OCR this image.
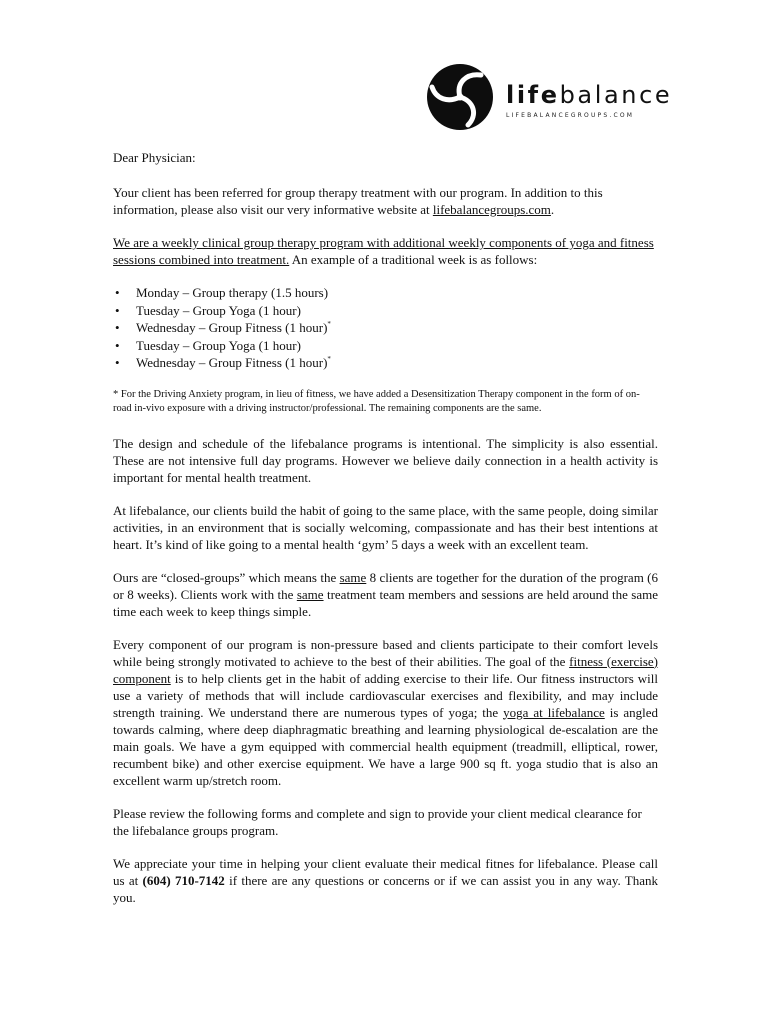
lifebalance
LIFEBALANCEGROUPS.COM

Dear Physician:

Your client has been referred for group therapy treatment with our program. In addition to this information, please also visit our very informative website at lifebalancegroups.com.

We are a weekly clinical group therapy program with additional weekly components of yoga and fitness sessions combined into treatment. An example of a traditional week is as follows:

• Monday – Group therapy (1.5 hours)
• Tuesday – Group Yoga (1 hour)
• Wednesday – Group Fitness (1 hour)*
• Tuesday – Group Yoga (1 hour)
• Wednesday – Group Fitness (1 hour)*

* For the Driving Anxiety program, in lieu of fitness, we have added a Desensitization Therapy component in the form of on-road in-vivo exposure with a driving instructor/professional. The remaining components are the same.

The design and schedule of the lifebalance programs is intentional. The simplicity is also essential. These are not intensive full day programs. However we believe daily connection in a health activity is important for mental health treatment.

At lifebalance, our clients build the habit of going to the same place, with the same people, doing similar activities, in an environment that is socially welcoming, compassionate and has their best intentions at heart. It’s kind of like going to a mental health ‘gym’ 5 days a week with an excellent team.

Ours are “closed-groups” which means the same 8 clients are together for the duration of the program (6 or 8 weeks). Clients work with the same treatment team members and sessions are held around the same time each week to keep things simple.

Every component of our program is non-pressure based and clients participate to their comfort levels while being strongly motivated to achieve to the best of their abilities. The goal of the fitness (exercise) component is to help clients get in the habit of adding exercise to their life. Our fitness instructors will use a variety of methods that will include cardiovascular exercises and flexibility, and may include strength training. We understand there are numerous types of yoga; the yoga at lifebalance is angled towards calming, where deep diaphragmatic breathing and learning physiological de-escalation are the main goals. We have a gym equipped with commercial health equipment (treadmill, elliptical, rower, recumbent bike) and other exercise equipment. We have a large 900 sq ft. yoga studio that is also an excellent warm up/stretch room.

Please review the following forms and complete and sign to provide your client medical clearance for the lifebalance groups program.

We appreciate your time in helping your client evaluate their medical fitnes for lifebalance. Please call us at (604) 710-7142 if there are any questions or concerns or if we can assist you in any way. Thank you.
